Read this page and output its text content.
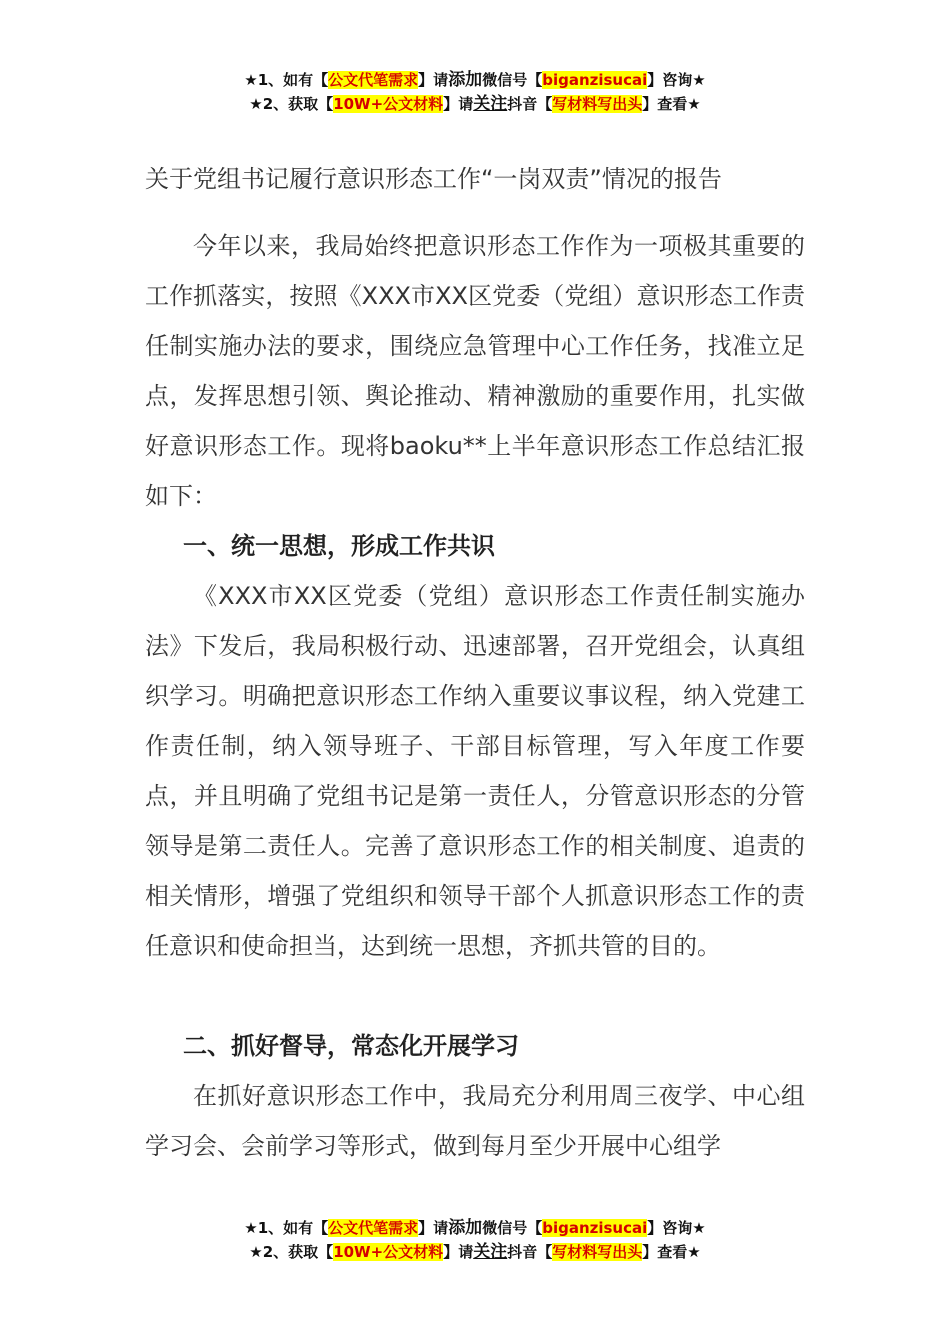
★1、如有【公文代笔需求】请添加微信号【biganzisucai】咨询★
★2、获取【10W+公文材料】请关注抖音【写材料写出头】查看★
关于党组书记履行意识形态工作“一岗双责”情况的报告
今年以来，我局始终把意识形态工作作为一项极其重要的工作抓落实，按照《XXX市XX区党委（党组）意识形态工作责任制实施办法的要求，围绕应急管理中心工作任务，找准立足点，发挥思想引领、舆论推动、精神激励的重要作用，扎实做好意识形态工作。现将baoku**上半年意识形态工作总结汇报如下：
一、统一思想，形成工作共识
《XXX市XX区党委（党组）意识形态工作责任制实施办法》下发后，我局积极行动、迅速部署，召开党组会，认真组织学习。明确把意识形态工作纳入重要议事议程，纳入党建工作责任制，纳入领导班子、干部目标管理，写入年度工作要点，并且明确了党组书记是第一责任人，分管意识形态的分管领导是第二责任人。完善了意识形态工作的相关制度、追责的相关情形，增强了党组织和领导干部个人抓意识形态工作的责任意识和使命担当，达到统一思想，齐抓共管的目的。
二、抓好督导，常态化开展学习
在抓好意识形态工作中，我局充分利用周三夜学、中心组学习会、会前学习等形式，做到每月至少开展中心组学
★1、如有【公文代笔需求】请添加微信号【biganzisucai】咨询★
★2、获取【10W+公文材料】请关注抖音【写材料写出头】查看★
